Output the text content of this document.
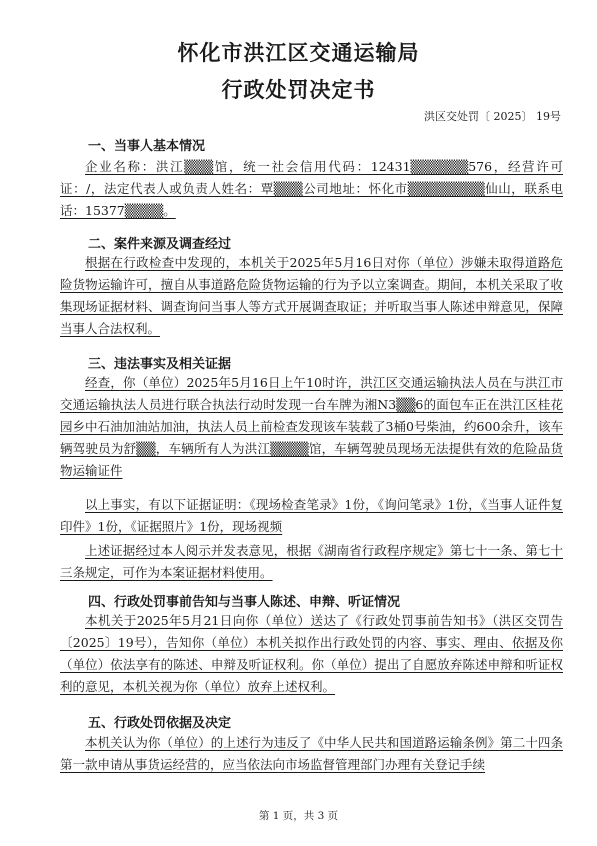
怀化市洪江区交通运输局
行政处罚决定书
洪区交处罚〔 2025〕 19号
一、当事人基本情况

企业名称：洪江▒▒▒馆，统一社会信用代码：12431▒▒▒▒▒▒576，经营许可证：/，法定代表人或负责人姓名：覃▒▒▒公司地址：怀化市▒▒▒▒▒▒▒▒仙山，联系电话：15377▒▒▒▒。

二、案件来源及调查经过

根据在行政检查中发现的，本机关于2025年5月16日对你（单位）涉嫌未取得道路危险货物运输许可，擅自从事道路危险货物运输的行为予以立案调查。期间，本机关采取了收集现场证据材料、调查询问当事人等方式开展调查取证；并听取当事人陈述申辩意见，保障当事人合法权利。

三、违法事实及相关证据

经查，你（单位）2025年5月16日上午10时许，洪江区交通运输执法人员在与洪江市交通运输执法人员进行联合执法行动时发现一台车牌为湘N3▒▒6的面包车正在洪江区桂花园乡中石油加油站加油，执法人员上前检查发现该车装载了3桶0号柴油，约600余升，该车辆驾驶员为舒▒▒，车辆所有人为洪江▒▒▒▒馆，车辆驾驶员现场无法提供有效的危险品货物运输证件

以上事实，有以下证据证明：《现场检查笔录》1份，《询问笔录》1份，《当事人证件复印件》1份，《证据照片》1份，现场视频

上述证据经过本人阅示并发表意见，根据《湖南省行政程序规定》第七十一条、第七十三条规定，可作为本案证据材料使用。

四、行政处罚事前告知与当事人陈述、申辩、听证情况

本机关于2025年5月21日向你（单位）送达了《行政处罚事前告知书》（洪区交罚告〔2025〕19号），告知你（单位）本机关拟作出行政处罚的内容、事实、理由、依据及你（单位）依法享有的陈述、申辩及听证权利。你（单位）提出了自愿放弃陈述申辩和听证权利的意见，本机关视为你（单位）放弃上述权利。

五、行政处罚依据及决定

本机关认为你（单位）的上述行为违反了《中华人民共和国道路运输条例》第二十四条第一款申请从事货运经营的，应当依法向市场监督管理部门办理有关登记手续

第 1 页，共 3 页
